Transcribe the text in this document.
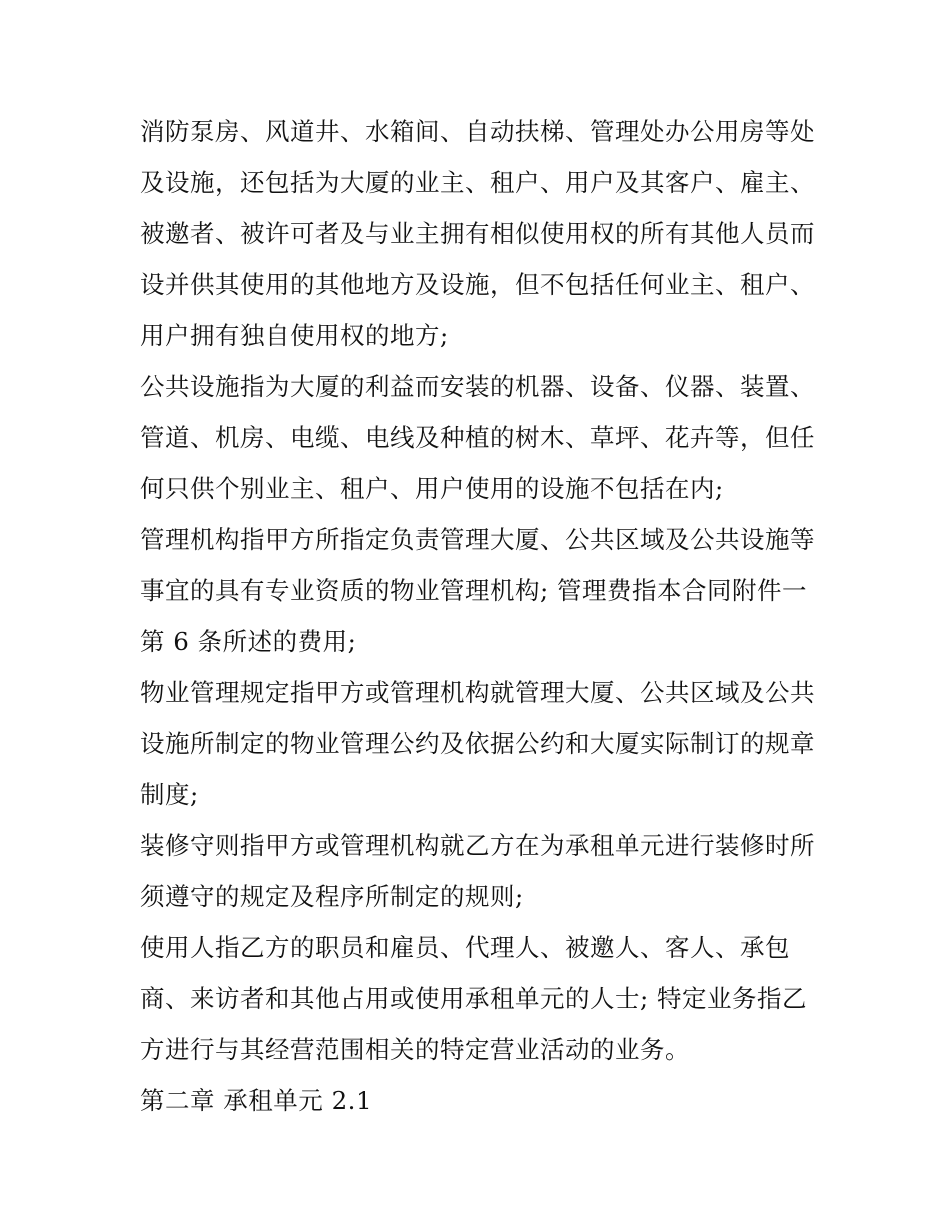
消防泵房、风道井、水箱间、自动扶梯、管理处办公用房等处及设施，还包括为大厦的业主、租户、用户及其客户、雇主、被邀者、被许可者及与业主拥有相似使用权的所有其他人员而设并供其使用的其他地方及设施，但不包括任何业主、租户、用户拥有独自使用权的地方;

公共设施指为大厦的利益而安装的机器、设备、仪器、装置、管道、机房、电缆、电线及种植的树木、草坪、花卉等，但任何只供个别业主、租户、用户使用的设施不包括在内;

管理机构指甲方所指定负责管理大厦、公共区域及公共设施等事宜的具有专业资质的物业管理机构; 管理费指本合同附件一第 6 条所述的费用;

物业管理规定指甲方或管理机构就管理大厦、公共区域及公共设施所制定的物业管理公约及依据公约和大厦实际制订的规章制度;

装修守则指甲方或管理机构就乙方在为承租单元进行装修时所须遵守的规定及程序所制定的规则;

使用人指乙方的职员和雇员、代理人、被邀人、客人、承包商、来访者和其他占用或使用承租单元的人士; 特定业务指乙方进行与其经营范围相关的特定营业活动的业务。

第二章 承租单元 2.1
